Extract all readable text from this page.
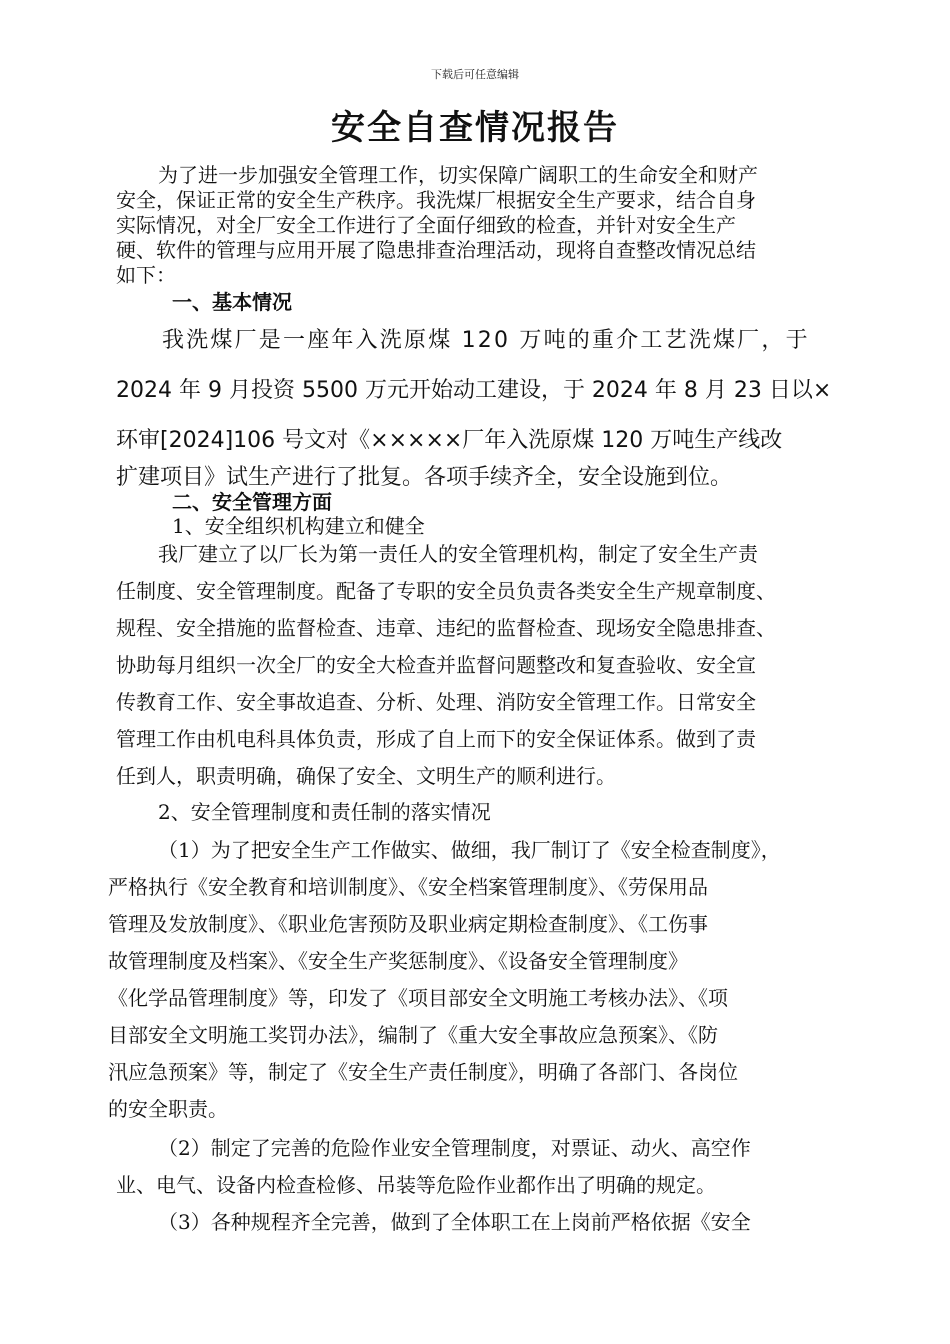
下载后可任意编辑
安全自查情况报告

为了进一步加强安全管理工作，切实保障广阔职工的生命安全和财产

安全，保证正常的安全生产秩序。我洗煤厂根据安全生产要求，结合自身

实际情况，对全厂安全工作进行了全面仔细致的检查，并针对安全生产

硬、软件的管理与应用开展了隐患排查治理活动，现将自查整改情况总结

如下：

一、基本情况

我洗煤厂是一座年入洗原煤 120 万吨的重介工艺洗煤厂，于

2024 年 9 月投资 5500 万元开始动工建设，于 2024 年 8 月 23 日以×

环审[2024]106 号文对《×××××厂年入洗原煤 120 万吨生产线改

扩建项目》试生产进行了批复。各项手续齐全，安全设施到位。

二、安全管理方面

1、安全组织机构建立和健全

我厂建立了以厂长为第一责任人的安全管理机构，制定了安全生产责

任制度、安全管理制度。配备了专职的安全员负责各类安全生产规章制度、

规程、安全措施的监督检查、违章、违纪的监督检查、现场安全隐患排查、

协助每月组织一次全厂的安全大检查并监督问题整改和复查验收、安全宣

传教育工作、安全事故追查、分析、处理、消防安全管理工作。日常安全

管理工作由机电科具体负责，形成了自上而下的安全保证体系。做到了责

任到人，职责明确，确保了安全、文明生产的顺利进行。

2、安全管理制度和责任制的落实情况

（1）为了把安全生产工作做实、做细，我厂制订了《安全检查制度》，

严格执行《安全教育和培训制度》、《安全档案管理制度》、《劳保用品

管理及发放制度》、《职业危害预防及职业病定期检查制度》、《工伤事

故管理制度及档案》、《安全生产奖惩制度》、《设备安全管理制度》

《化学品管理制度》等，印发了《项目部安全文明施工考核办法》、《项

目部安全文明施工奖罚办法》，编制了《重大安全事故应急预案》、《防

汛应急预案》等，制定了《安全生产责任制度》，明确了各部门、各岗位

的安全职责。

（2）制定了完善的危险作业安全管理制度，对票证、动火、高空作

业、电气、设备内检查检修、吊装等危险作业都作出了明确的规定。

（3）各种规程齐全完善，做到了全体职工在上岗前严格依据《安全
